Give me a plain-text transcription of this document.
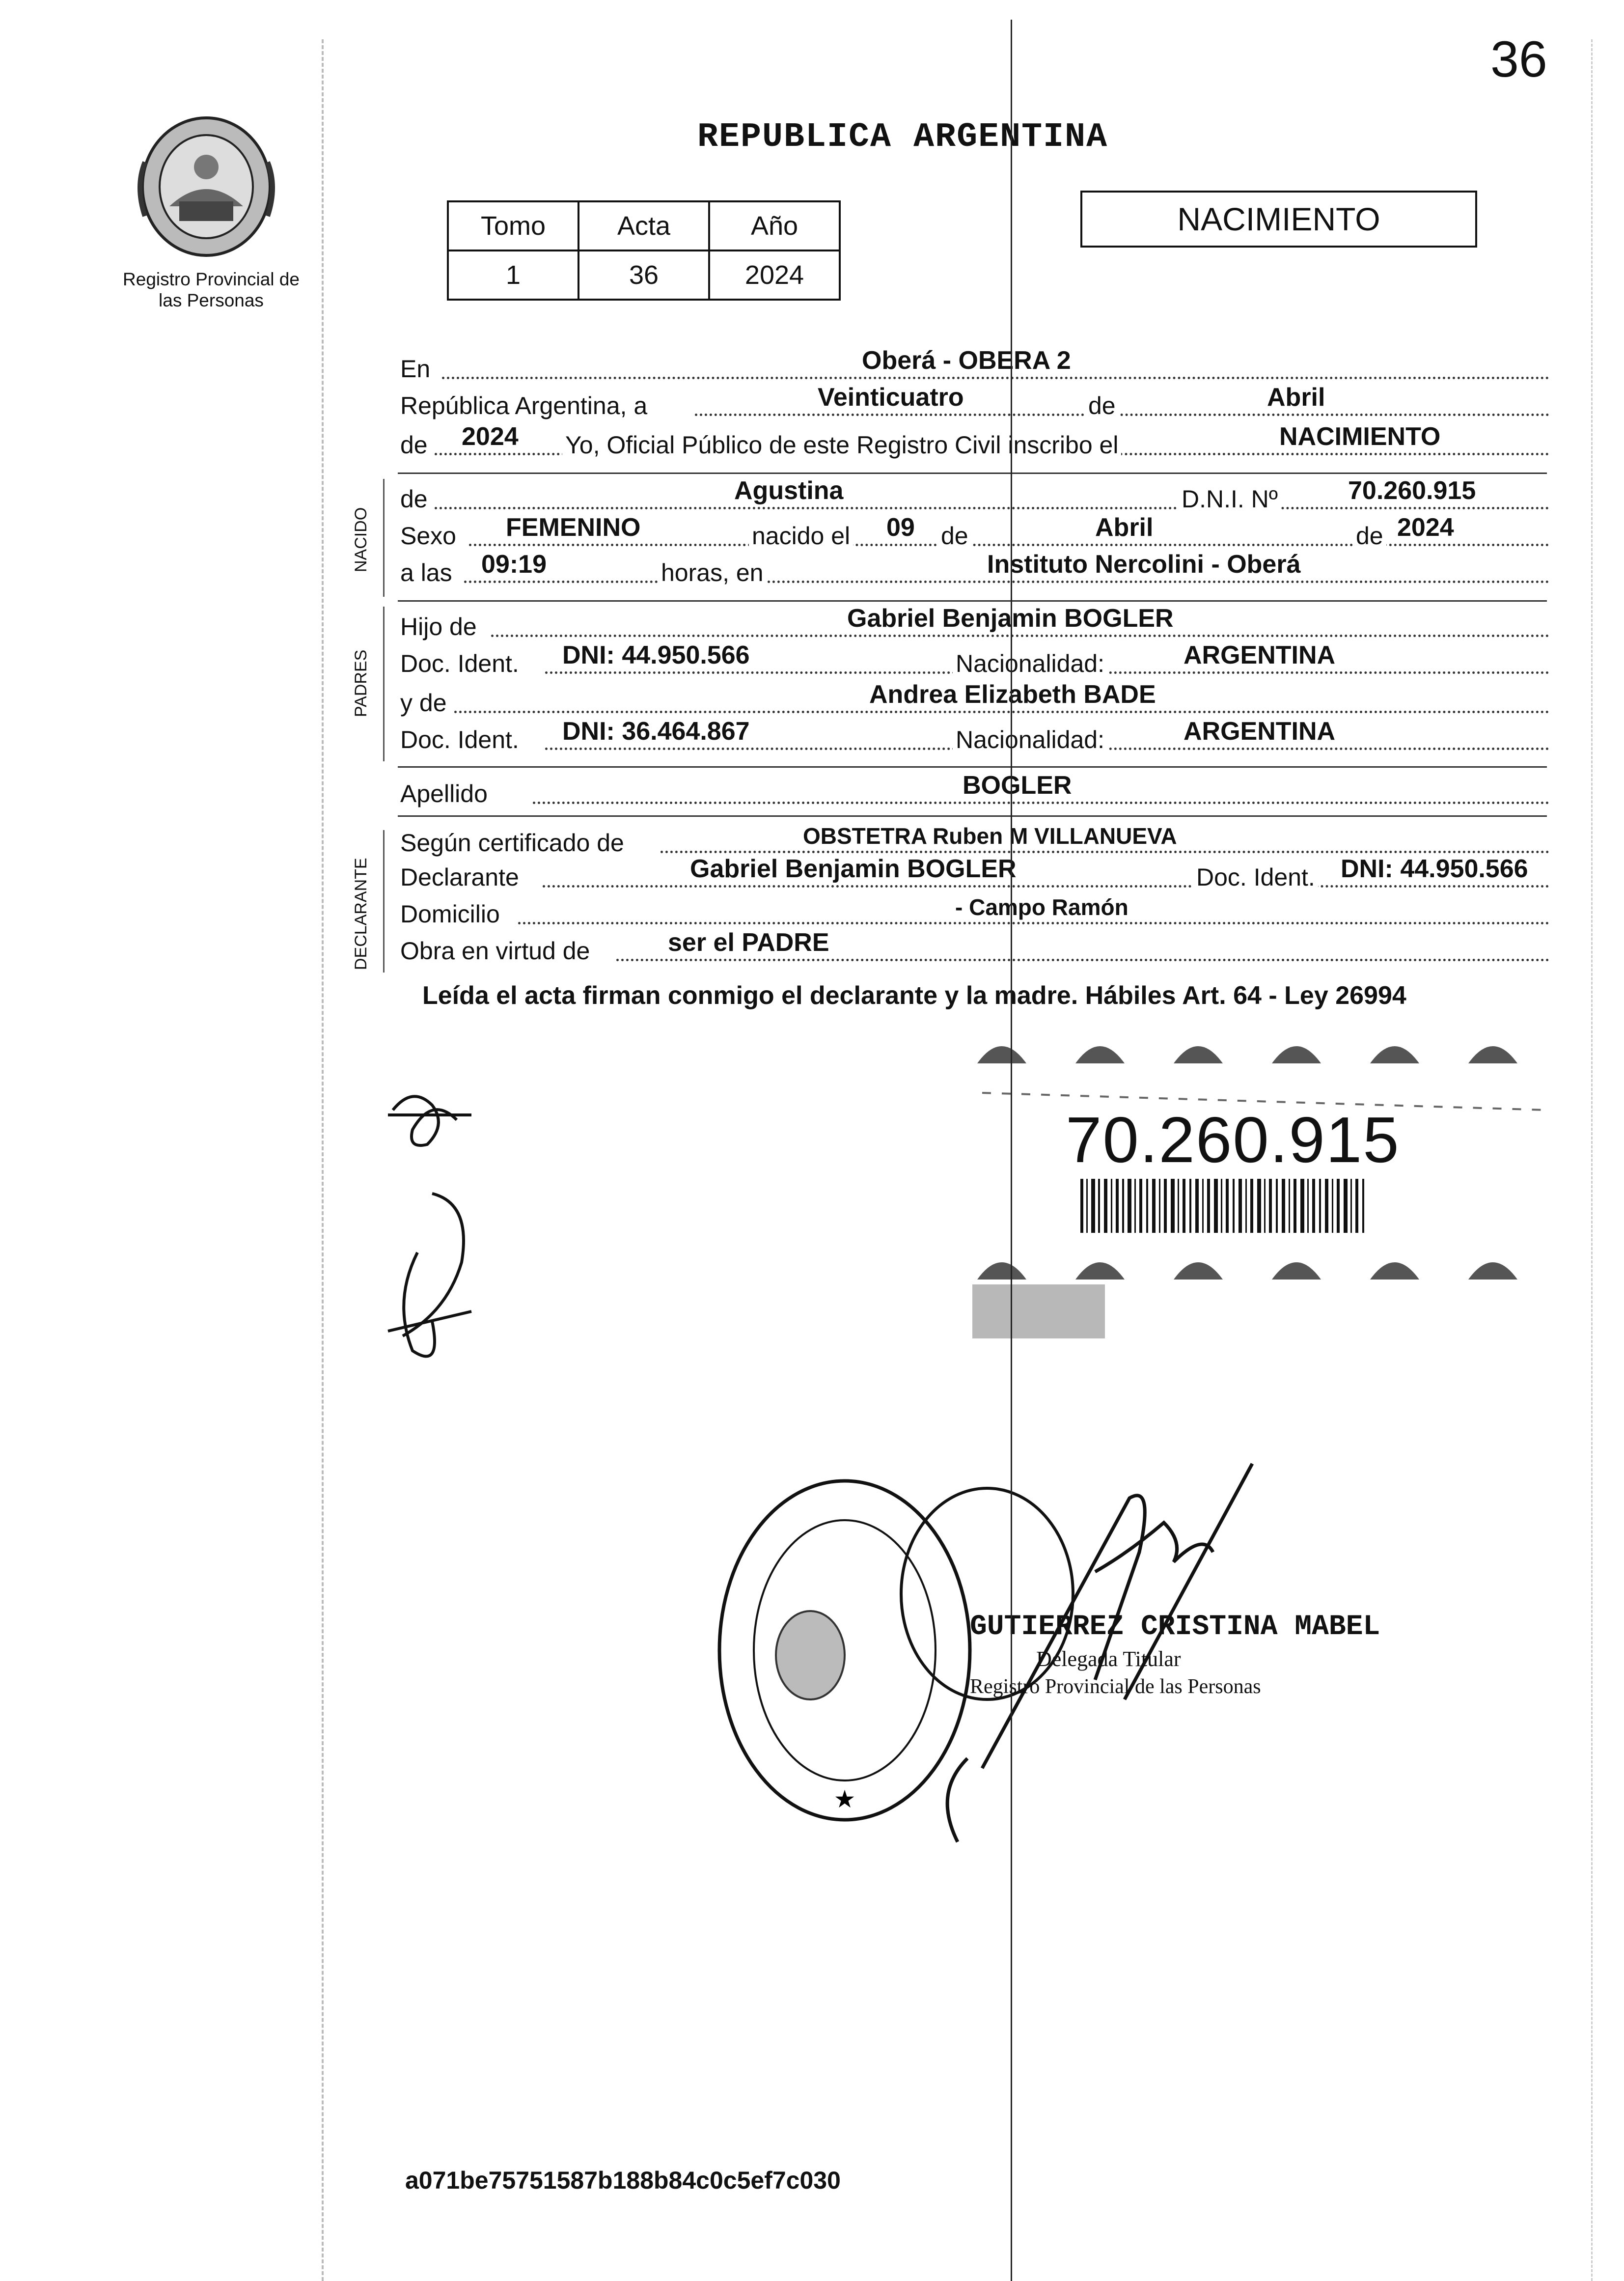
36
Registro Provincial de las Personas
REPUBLICA ARGENTINA
Tomo	Acta	Año
1	36	2024
NACIMIENTO
En	Oberá - OBERA 2
República Argentina, a	Veinticuatro	de	Abril
de 2024 Yo, Oficial Público de este Registro Civil inscribo el	NACIMIENTO
de	Agustina	D.N.I. Nº	70.260.915
Sexo FEMENINO	nacido el 09 de	Abril	de 2024
a las 09:19	horas, en	Instituto Nercolini - Oberá
Hijo de	Gabriel Benjamin BOGLER
Doc. Ident. DNI: 44.950.566	Nacionalidad:	ARGENTINA
y de	Andrea Elizabeth BADE
Doc. Ident. DNI: 36.464.867	Nacionalidad:	ARGENTINA
Apellido	BOGLER
Según certificado de	OBSTETRA Ruben M VILLANUEVA
Declarante	Gabriel Benjamin BOGLER	Doc. Ident. DNI: 44.950.566
Domicilio	- Campo Ramón
Obra en virtud de	ser el PADRE
NACIDO
PADRES
DECLARANTE
Leída el acta firman conmigo el declarante y la madre. Hábiles Art. 64 - Ley 26994
70.260.915
★
GUTIERREZ CRISTINA MABEL
Delegada Titular
Registro Provincial de las Personas
a071be75751587b188b84c0c5ef7c030
